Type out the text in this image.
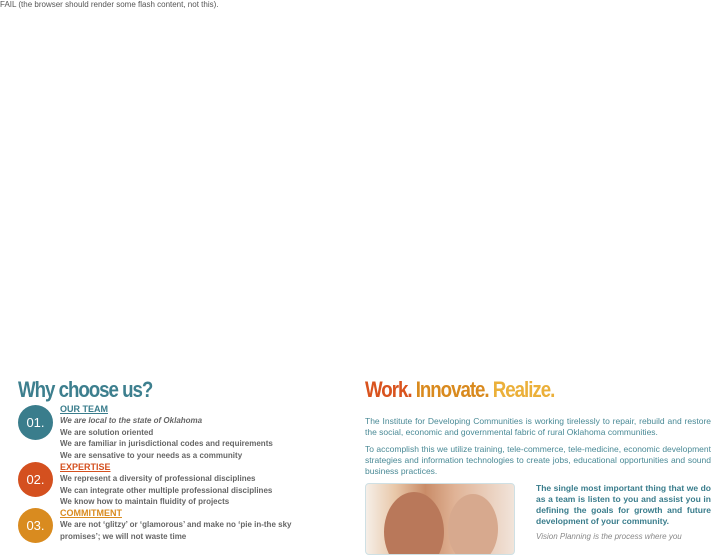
FAIL (the browser should render some flash content, not this).
Why choose us?
01.
OUR TEAM
We are local to the state of Oklahoma
We are solution oriented
We are familiar in jurisdictional codes and requirements
We are sensative to your needs as a community
02.
EXPERTISE
We represent a diversity of professional disciplines
We can integrate other multiple professional disciplines
We know how to maintain fluidity of projects
03.
COMMITMENT
We are not ‘glitzy’ or ‘glamorous’ and make no ‘pie in-the sky promises’; we will not waste time
Work. Innovate. Realize.
The Institute for Developing Communities is working tirelessly to repair, rebuild and restore the social, economic and governmental fabric of rural Oklahoma communities.
To accomplish this we utilize training, tele-commerce, tele-medicine, economic development strategies and information technologies to create jobs, educational opportunities and sound business practices.
The single most important thing that we do as a team is listen to you and assist you in defining the goals for growth and future development of your community.
Vision Planning is the process where you
